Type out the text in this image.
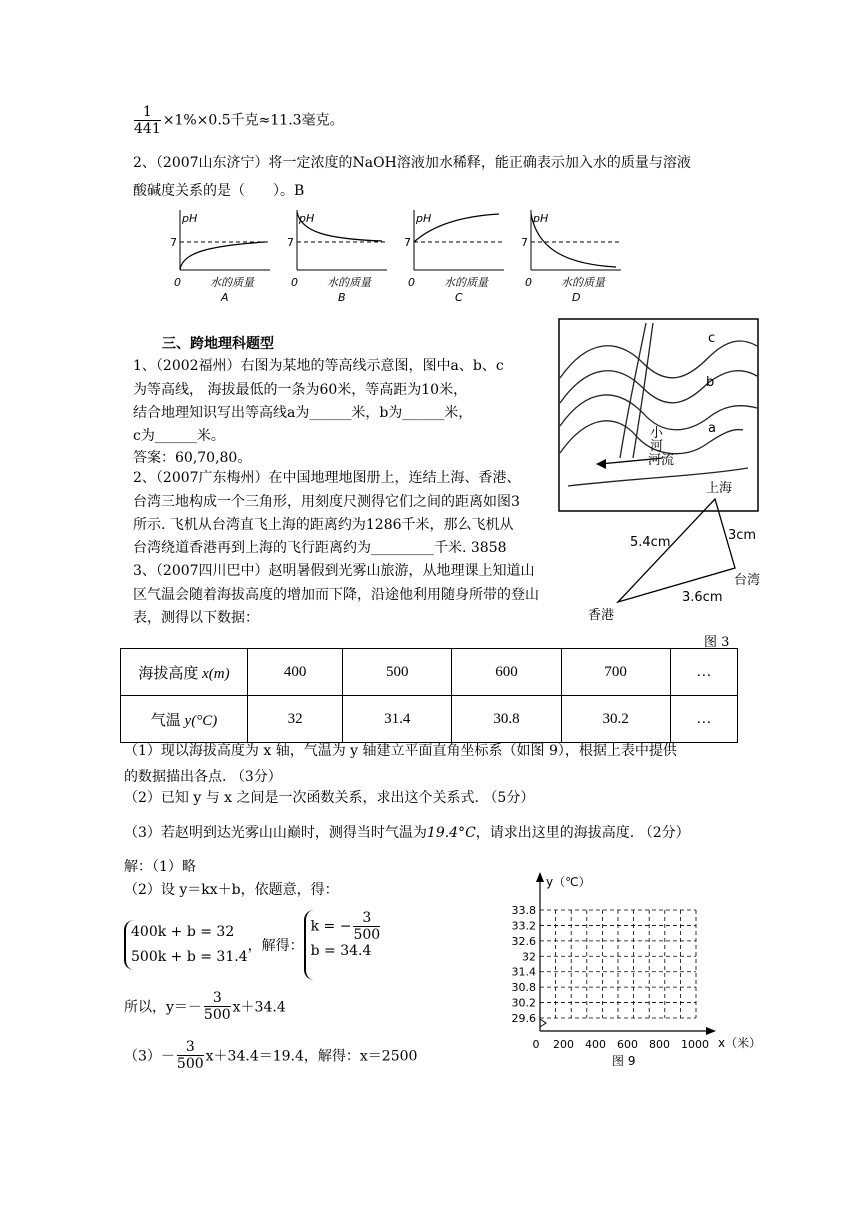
$\frac{1}{441} \times 1\%\times 0.5$千克≈11.3毫克。
2、（2007山东济宁）将一定浓度的NaOH溶液加水稀释，能正确表示加入水的质量与溶液
酸碱度关系的是（　　）。B
pH
7
0	水的质量
A
pH
7
0	水的质量
B
pH
7
0	水的质量
C
pH
7
0	水的质量
D
三、跨地理科题型
1、（2002福州）右图为某地的等高线示意图，图中a、b、c
为等高线， 海拔最低的一条为60米，等高距为10米，
结合地理知识写出等高线a为______米，b为______米，
c为______米。
答案：60,70,80。
c
b
a
小
河
河流
2、（2007广东梅州）在中国地理地图册上，连结上海、香港、
台湾三地构成一个三角形，用刻度尺测得它们之间的距离如图3
所示. 飞机从台湾直飞上海的距离约为1286千米，那么飞机从
台湾绕道香港再到上海的飞行距离约为_________千米. 3858
上海
台湾
香港
5.4cm	3cm
3.6cm
图 3
3、（2007四川巴中）赵明暑假到光雾山旅游，从地理课上知道山
区气温会随着海拔高度的增加而下降，沿途他利用随身所带的登山
表，测得以下数据：
海拔高度 x(m)	400	500	600	700	…
气温 y(°C)	32	31.4	30.8	30.2	…
（1）现以海拔高度为 x 轴，气温为 y 轴建立平面直角坐标系（如图 9），根据上表中提供
的数据描出各点. （3分）
（2）已知 y 与 x 之间是一次函数关系，求出这个关系式. （5分）
（3）若赵明到达光雾山山巅时，测得当时气温为19.4°C，请求出这里的海拔高度. （2分）
解：（1）略
（2）设 y＝kx＋b，依题意，得：
400k + b = 32
500k + b = 31.4，解得：k = − $\frac{3}{500}$

b = 34.4
所以，$y=- \frac{3}{500} x+34.4$
$(3)- \frac{3}{500} x+34.4=19.4$，解得：x＝2500
33.8
33.2
32.6
32
31.4
30.8
30.2
29.6
y（℃）
x（米）
0 200 400 600 800 1000
图 9
